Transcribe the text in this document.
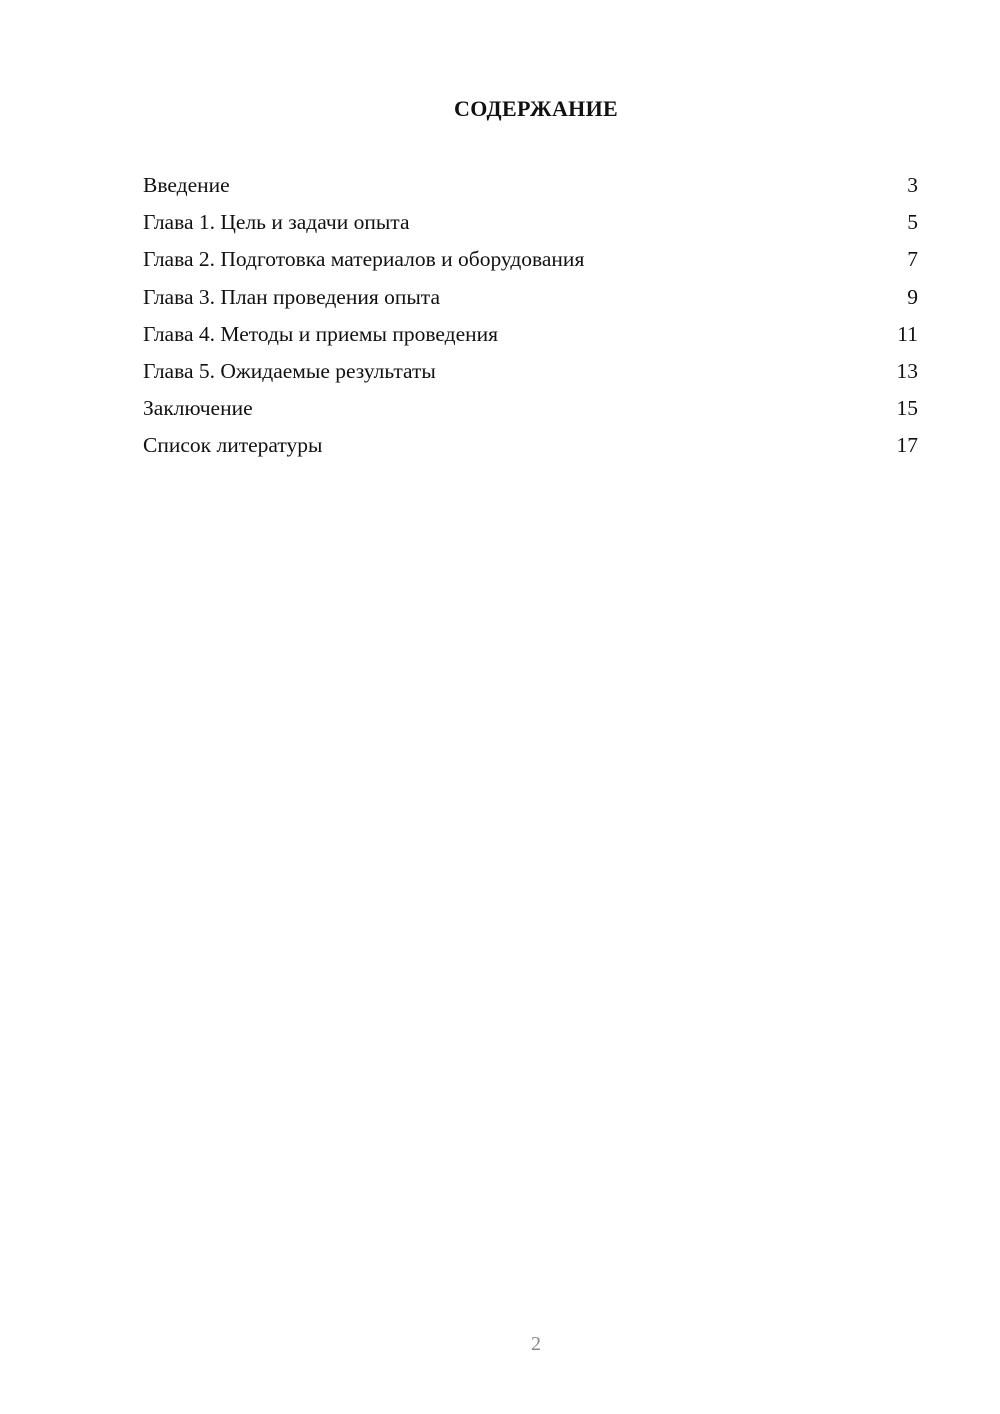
СОДЕРЖАНИЕ
Введение	3
Глава 1. Цель и задачи опыта	5
Глава 2. Подготовка материалов и оборудования	7
Глава 3. План проведения опыта	9
Глава 4. Методы и приемы проведения	11
Глава 5. Ожидаемые результаты	13
Заключение	15
Список литературы	17
2
